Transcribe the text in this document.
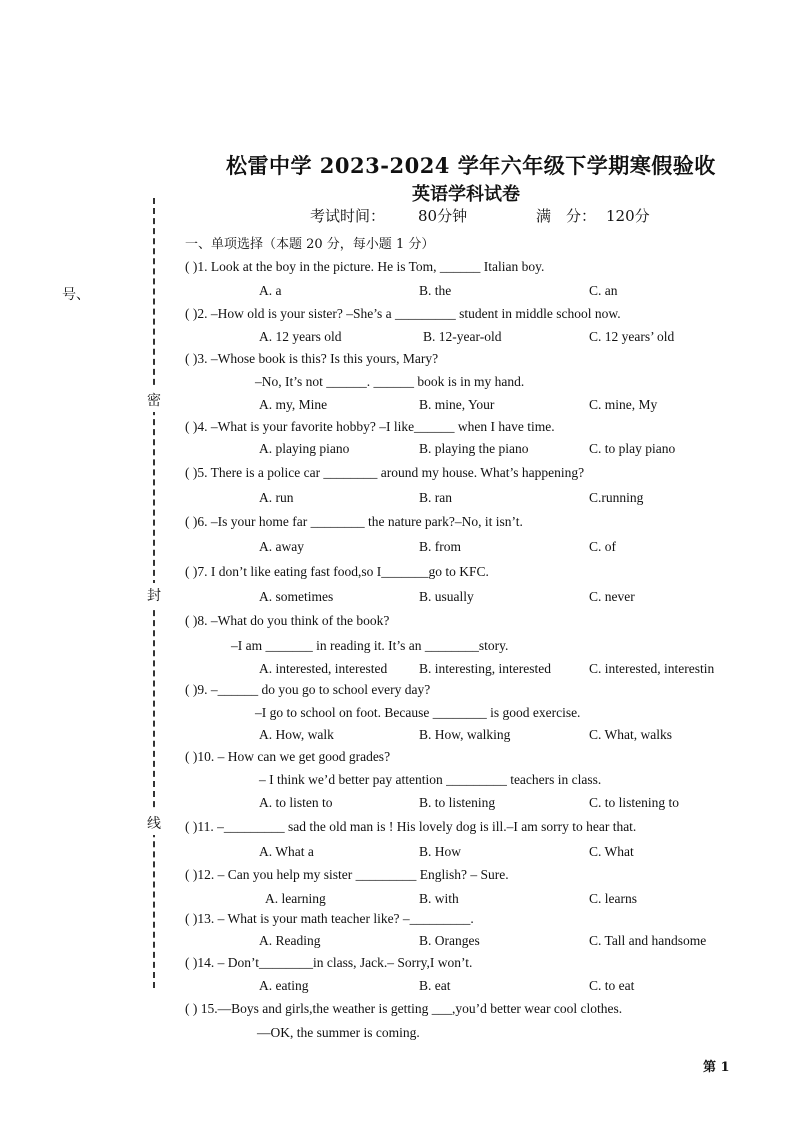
松雷中学 2023-2024 学年六年级下学期寒假验收
英语学科试卷
考试时间： 80分钟	满　分： 120分
一、单项选择（本题 20 分，每小题 1 分）
号、
密
封
线
( )1. Look at the boy in the picture. He is Tom, ______ Italian boy.
A. a	B. the	C. an
( )2. –How old is your sister? –She’s a _________ student in middle school now.
A. 12 years old	B. 12-year-old	C. 12 years’ old
( )3. –Whose book is this? Is this yours, Mary?
–No, It’s not ______. ______ book is in my hand.
A. my, Mine	B. mine, Your	C. mine, My
( )4. –What is your favorite hobby? –I like______ when I have time.
A. playing piano	B. playing the piano	C. to play piano
( )5. There is a police car ________ around my house. What’s happening?
A. run	B. ran	C.running
( )6. –Is your home far ________ the nature park?–No, it isn’t.
A. away	B. from	C. of
( )7. I don’t like eating fast food,so I_______go to KFC.
A. sometimes	B. usually	C. never
( )8. –What do you think of the book?
–I am _______ in reading it. It’s an ________story.
A. interested, interested B. interesting, interested	C. interested, interestin
( )9. –______ do you go to school every day?
–I go to school on foot. Because ________ is good exercise.
A. How, walk	B. How, walking	C. What, walks
( )10. – How can we get good grades?
– I think we’d better pay attention _________ teachers in class.
A. to listen to	B. to listening	C. to listening to
( )11. –_________ sad the old man is ! His lovely dog is ill.–I am sorry to hear that.
A. What a	B. How	C. What
( )12. – Can you help my sister _________ English? – Sure.
A. learning	B. with	C. learns
( )13. – What is your math teacher like? –_________.
A. Reading	B. Oranges	C. Tall and handsome
( )14. – Don’t________in class, Jack.– Sorry,I won’t.
A. eating	B. eat	C. to eat
( ) 15.—Boys and girls,the weather is getting ___,you’d better wear cool clothes.
—OK, the summer is coming.
第 1
